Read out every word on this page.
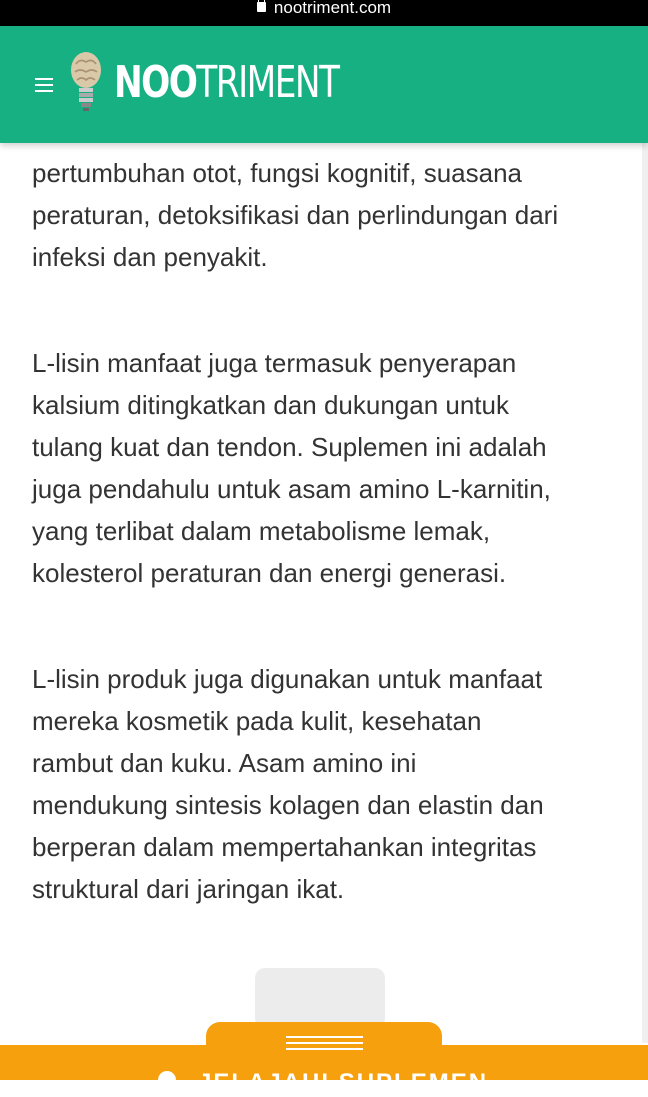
nootriment.com
NOOTRIMENT

pertumbuhan otot, fungsi kognitif, suasana
peraturan, detoksifikasi dan perlindungan dari
infeksi dan penyakit.

L-lisin manfaat juga termasuk penyerapan
kalsium ditingkatkan dan dukungan untuk
tulang kuat dan tendon. Suplemen ini adalah
juga pendahulu untuk asam amino L-karnitin,
yang terlibat dalam metabolisme lemak,
kolesterol peraturan dan energi generasi.

L-lisin produk juga digunakan untuk manfaat
mereka kosmetik pada kulit, kesehatan
rambut dan kuku. Asam amino ini
mendukung sintesis kolagen dan elastin dan
berperan dalam mempertahankan integritas
struktural dari jaringan ikat.

JELAJAHI SUPLEMEN
